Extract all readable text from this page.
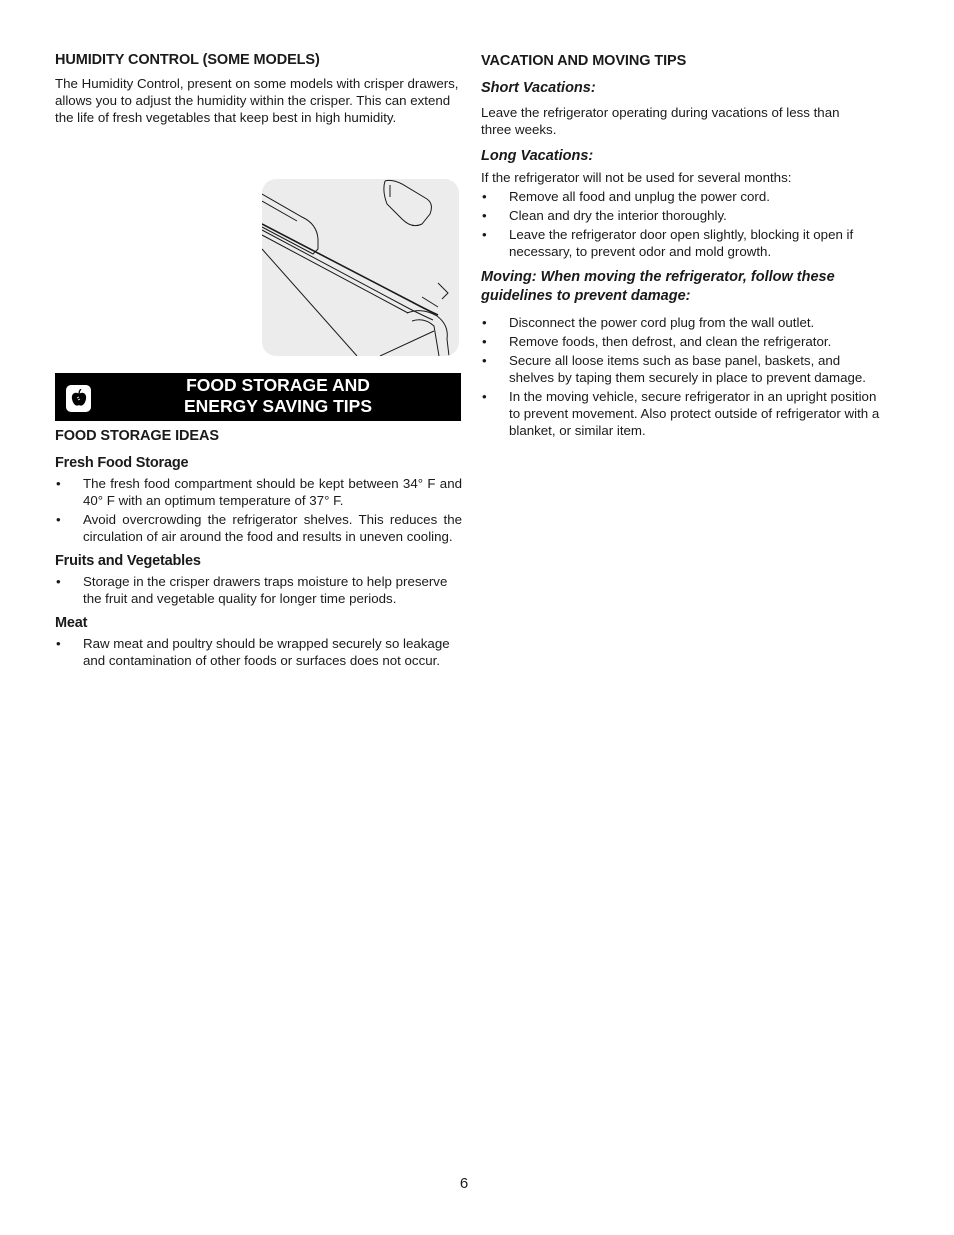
HUMIDITY CONTROL (SOME MODELS)

The Humidity Control, present on some models with crisper drawers, allows you to adjust the humidity within the crisper. This can extend the life of fresh vegetables that keep best in high humidity.

FOOD STORAGE AND
ENERGY SAVING TIPS
FOOD STORAGE IDEAS
Fresh Food Storage
• The fresh food compartment should be kept between 34° F and 40° F with an optimum temperature of 37° F.
• Avoid overcrowding the refrigerator shelves. This reduces the circulation of air around the food and results in uneven cooling.
Fruits and Vegetables
• Storage in the crisper drawers traps moisture to help preserve the fruit and vegetable quality for longer time periods.
Meat
• Raw meat and poultry should be wrapped securely so leakage and contamination of other foods or surfaces does not occur.
VACATION AND MOVING TIPS
Short Vacations:

Leave the refrigerator operating during vacations of less than three weeks.

Long Vacations:

If the refrigerator will not be used for several months:

• Remove all food and unplug the power cord.
• Clean and dry the interior thoroughly.
• Leave the refrigerator door open slightly, blocking it open if necessary, to prevent odor and mold growth.
Moving: When moving the refrigerator, follow these guidelines to prevent damage:
• Disconnect the power cord plug from the wall outlet.
• Remove foods, then defrost, and clean the refrigerator.
• Secure all loose items such as base panel, baskets, and shelves by taping them securely in place to prevent damage.
• In the moving vehicle, secure refrigerator in an upright position to prevent movement. Also protect outside of refrigerator with a blanket, or similar item.
6
